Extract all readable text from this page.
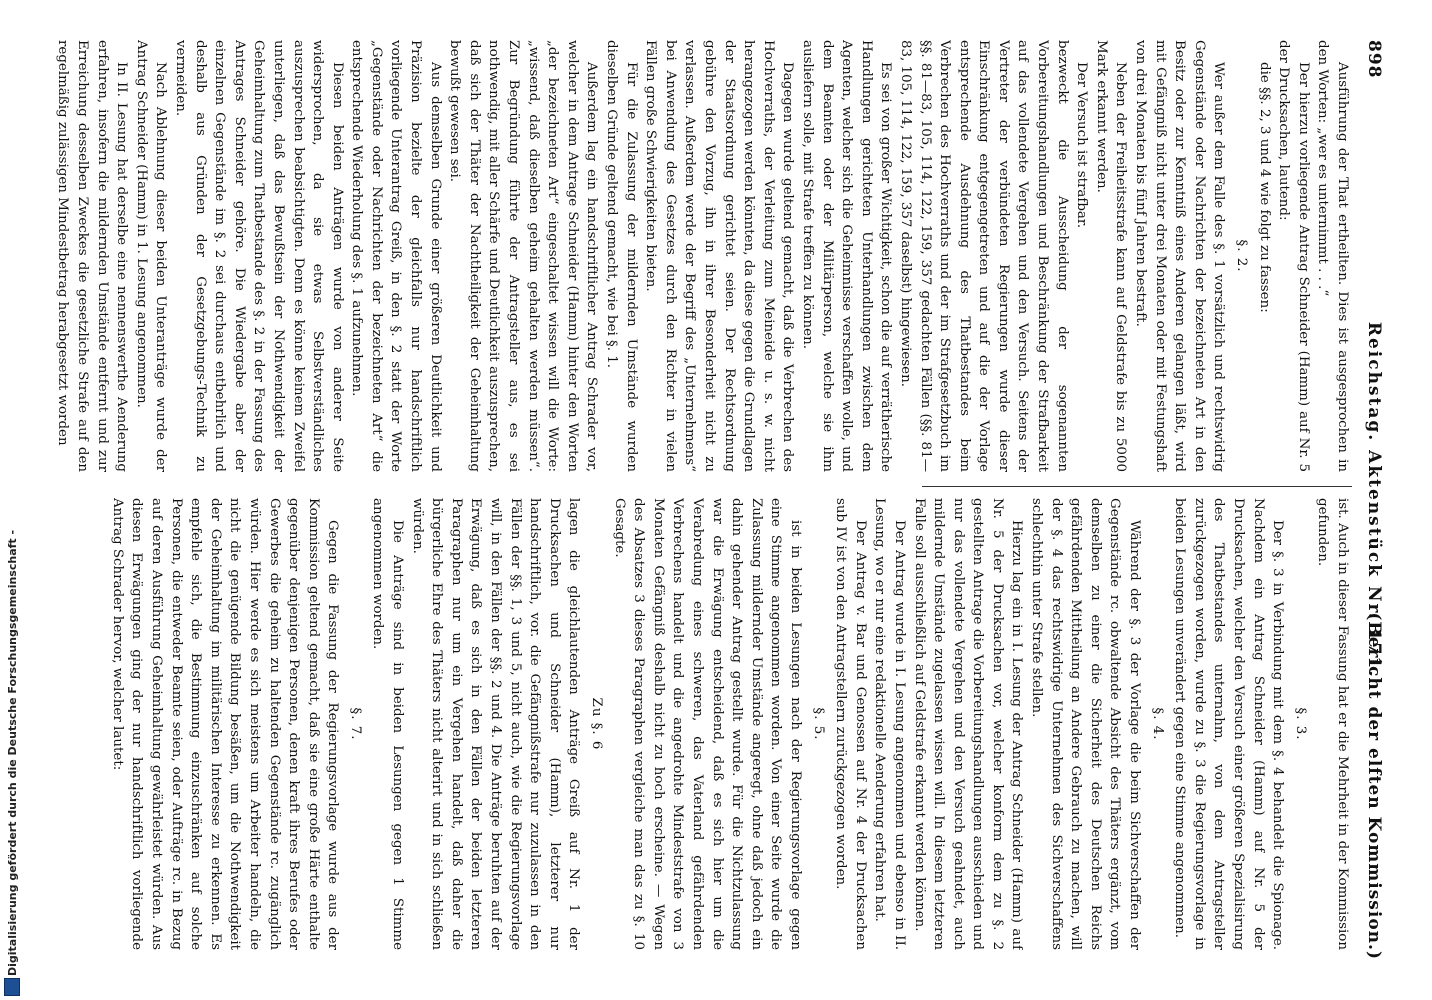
898
Reichstag. Aktenstück Nr. 171.
(Bericht der elften Kommission.)

Ausführung der That ertheilten. Dies ist ausgesprochen in den Worten: „wer es unternimmt . . .“

Der hierzu vorliegende Antrag Schneider (Hamm) auf Nr. 5 der Drucksachen, lautend:

die §§. 2, 3 und 4 wie folgt zu fassen:

§. 2.

Wer außer dem Falle des §. 1 vorsätzlich und rechtswidrig Gegenstände oder Nachrichten der bezeichneten Art in den Besitz oder zur Kenntniß eines Anderen gelangen läßt, wird mit Gefängniß nicht unter drei Monaten oder mit Festungshaft von drei Monaten bis fünf Jahren bestraft.

Neben der Freiheitsstrafe kann auf Geldstrafe bis zu 5000 Mark erkannt werden.

Der Versuch ist strafbar.

bezweckt die Ausscheidung der sogenannten Vorbereitungshandlungen und Beschränkung der Strafbarkeit auf das vollendete Vergehen und den Versuch. Seitens der Vertreter der verbündeten Regierungen wurde dieser Einschränkung entgegengetreten und auf die der Vorlage entsprechende Ausdehnung des Thatbestandes beim Verbrechen des Hochverraths und der im Strafgesetzbuch im §§. 81—83, 105, 114, 122, 159, 357 gedachten Fällen (§§. 81—83, 105, 114, 122, 159, 357 daselbst) hingewiesen.

Es sei von großer Wichtigkeit, schon die auf verrätherische Handlungen gerichteten Unterhandlungen zwischen dem Agenten, welcher sich die Geheimnisse verschaffen wolle, und dem Beamten oder der Militärperson, welche sie ihm ausliefern solle, mit Strafe treffen zu können.

Dagegen wurde geltend gemacht, daß die Verbrechen des Hochverraths, der Verleitung zum Meineide u. s. w. nicht herangezogen werden könnten, da diese gegen die Grundlagen der Staatsordnung gerichtet seien. Der Rechtsordnung gebühre den Vorzug, ihn in ihrer Besonderheit nicht zu verlassen. Außerdem werde der Begriff des „Unternehmens“ bei Anwendung des Gesetzes durch den Richter in vielen Fällen große Schwierigkeiten bieten.

Für die Zulassung der mildernden Umstände wurden dieselben Gründe geltend gemacht, wie bei §. 1.

Außerdem lag ein handschriftlicher Antrag Schrader vor, welcher in dem Antrage Schneider (Hamm) hinter den Worten „der bezeichneten Art“ eingeschaltet wissen will die Worte: „wissend, daß dieselben geheim gehalten werden müssen“. Zur Begründung führte der Antragsteller aus, es sei nothwendig, mit aller Schärfe und Deutlichkeit auszusprechen, daß sich der Thäter der Nachtheiligkeit der Geheimhaltung bewußt gewesen sei.

Aus demselben Grunde einer größeren Deutlichkeit und Präzision bezielte der gleichfalls nur handschriftlich vorliegende Unterantrag Greiß, in den §. 2 statt der Worte „Gegenstände oder Nachrichten der bezeichneten Art“ die entsprechende Wiederholung des §. 1 aufzunehmen.

Diesen beiden Anträgen wurde von anderer Seite widersprochen, da sie etwas Selbstverständliches auszusprechen beabsichtigten. Denn es könne keinem Zweifel unterliegen, daß das Bewußtsein der Nothwendigkeit der Geheimhaltung zum Thatbestande des §. 2 in der Fassung des Antrages Schneider gehöre. Die Wiedergabe aber der einzelnen Gegenstände im §. 2 sei durchaus entbehrlich und deshalb aus Gründen der Gesetzgebungs-Technik zu vermeiden.

Nach Ablehnung dieser beiden Unteranträge wurde der Antrag Schneider (Hamm) in 1. Lesung angenommen.

In II. Lesung hat derselbe eine nennenswerthe Aenderung erfahren, insofern die mildernden Umstände entfernt und zur Erreichung desselben Zweckes die gesetzliche Strafe auf den regelmäßig zulässigen Mindestbetrag herabgesetzt worden

ist. Auch in dieser Fassung hat er die Mehrheit in der Kommission gefunden.

§. 3.

Der §. 3 in Verbindung mit dem §. 4 behandelt die Spionage. Nachdem ein Antrag Schneider (Hamm) auf Nr. 5 der Drucksachen, welcher den Versuch einer größeren Spezialisirung des Thatbestandes unternahm, von dem Antragsteller zurückgezogen worden, wurde zu §. 3 die Regierungsvorlage in beiden Lesungen unverändert gegen eine Stimme angenommen.

§. 4.

Während der §. 3 der Vorlage die beim Sichverschaffen der Gegenstände rc. obwaltende Absicht des Thäters ergänzt, vom demselben zu einer die Sicherheit des Deutschen Reichs gefährdenden Mittheilung an Andere Gebrauch zu machen, will der §. 4 das rechtswidrige Unternehmen des Sichverschaffens schlechthin unter Strafe stellen.

Hierzu lag ein in I. Lesung der Antrag Schneider (Hamm) auf Nr. 5 der Drucksachen vor, welcher konform dem zu §. 2 gestellten Antrage die Vorbereitungshandlungen ausschieden und nur das vollendete Vergehen und den Versuch geahndet, auch mildernde Umstände zugelassen wissen will. In diesem letzteren Falle soll ausschließlich auf Geldstrafe erkannt werden können.

Der Antrag wurde in I. Lesung angenommen und ebenso in II. Lesung, wo er nur eine redaktionelle Aenderung erfahren hat.

Der Antrag v. Bar und Genossen auf Nr. 4 der Drucksachen sub IV ist von den Antragstellern zurückgezogen worden.

§. 5.

ist in beiden Lesungen nach der Regierungsvorlage gegen eine Stimme angenommen worden. Von einer Seite wurde die Zulassung mildernder Umstände angeregt, ohne daß jedoch ein dahin gehender Antrag gestellt wurde. Für die Nichtzulassung war die Erwägung entscheidend, daß es sich hier um die Verabredung eines schweren, das Vaterland gefährdenden Verbrechens handelt und die angedrohte Mindeststrafe von 3 Monaten Gefängniß deshalb nicht zu hoch erscheine. — Wegen des Absatzes 3 dieses Paragraphen vergleiche man das zu §. 10 Gesagte.

Zu §. 6

lagen die gleichlautenden Anträge Greiß auf Nr. 1 der Drucksachen und Schneider (Hamm), letzterer nur handschriftlich, vor. die Gefängnißstrafe nur zuzulassen in den Fällen der §§. 1, 3 und 5, nicht auch, wie die Regierungsvorlage will, in den Fällen der §§. 2 und 4. Die Anträge beruhten auf der Erwägung, daß es sich in den Fällen der beiden letzteren Paragraphen nur um ein Vergehen handelt, daß daher die bürgerliche Ehre des Thäters nicht alterirt und in sich schließen würden.

Die Anträge sind in beiden Lesungen gegen 1 Stimme angenommen worden.

§. 7.

Gegen die Fassung der Regierungsvorlage wurde aus der Kommission geltend gemacht, daß sie eine große Härte enthalte gegenüber denjenigen Personen, denen kraft ihres Berufes oder Gewerbes die geheim zu haltenden Gegenstände rc. zugänglich würden. Hier werde es sich meistens um Arbeiter handeln, die nicht die genügende Bildung besäßen, um die Nothwendigkeit der Geheimhaltung im militärischen Interesse zu erkennen. Es empfehle sich, die Bestimmung einzuschränken auf solche Personen, die entweder Beamte seien, oder Aufträge rc. in Bezug auf deren Ausführung Geheimhaltung gewährleistet würden. Aus diesen Erwägungen ging der nur handschriftlich vorliegende Antrag Schrader hervor, welcher lautet:

Digitalisierung gefördert durch die Deutsche Forschungsgemeinschaft -
